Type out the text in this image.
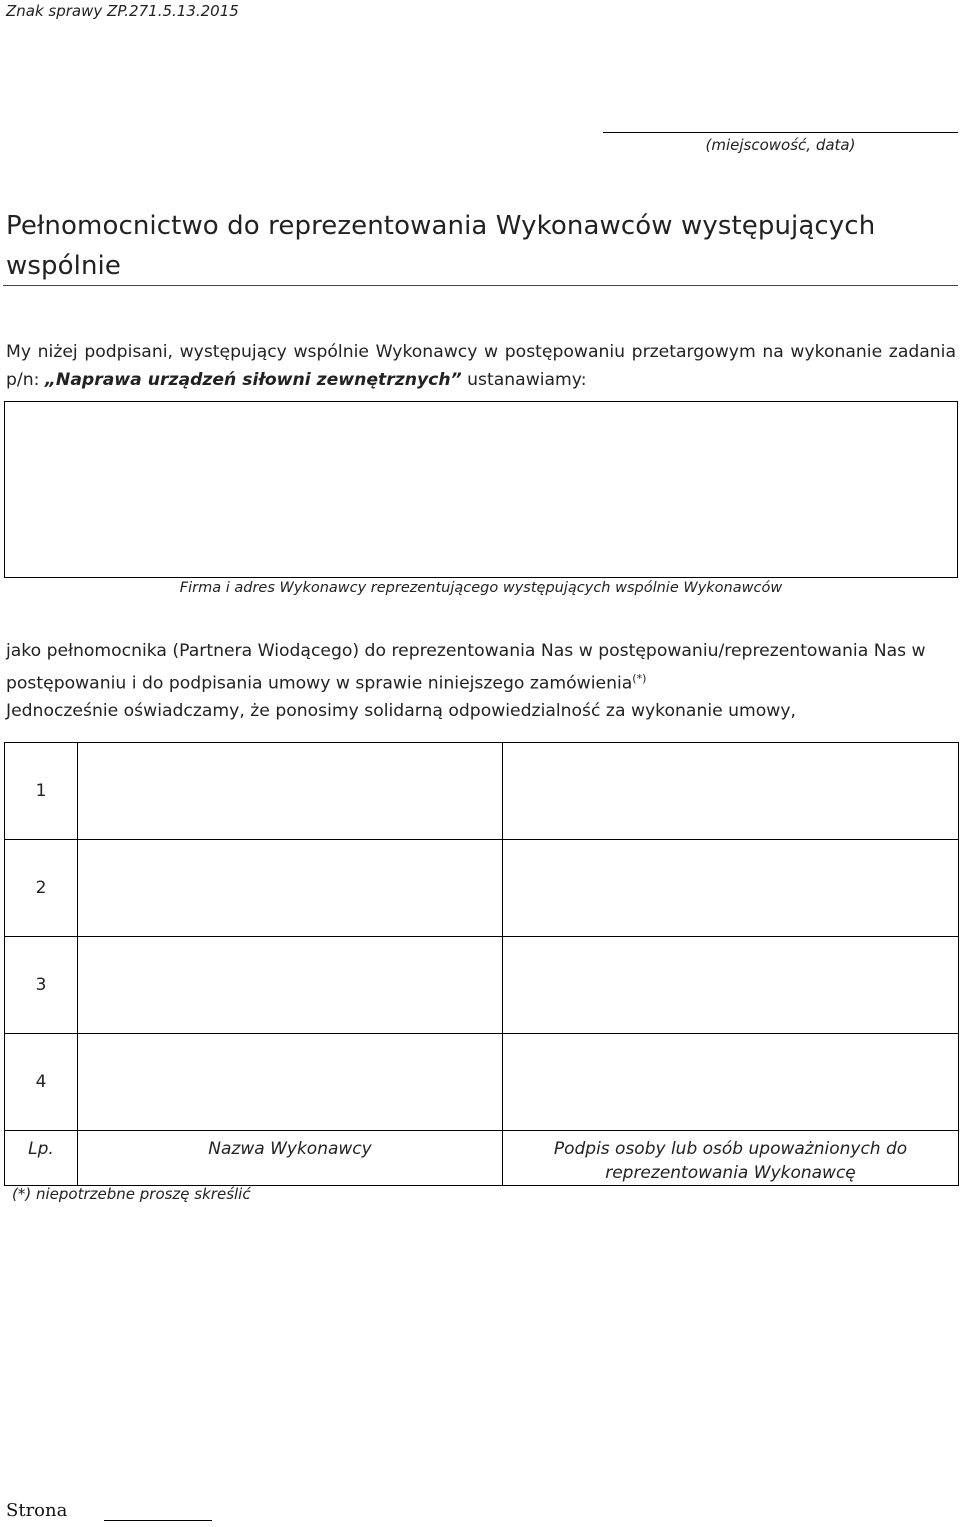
Znak sprawy ZP.271.5.13.2015
(miejscowość, data)
Pełnomocnictwo do reprezentowania Wykonawców występujących wspólnie
My niżej podpisani, występujący wspólnie Wykonawcy w postępowaniu przetargowym na wykonanie zadania p/n: „Naprawa urządzeń siłowni zewnętrznych” ustanawiamy:
Firma i adres Wykonawcy reprezentującego występujących wspólnie Wykonawców
jako pełnomocnika (Partnera Wiodącego) do reprezentowania Nas w postępowaniu/reprezentowania Nas w postępowaniu i do podpisania umowy w sprawie niniejszego zamówienia(*)
Jednocześnie oświadczamy, że ponosimy solidarną odpowiedzialność za wykonanie umowy,
1		
2		
3		
4		
Lp.	Nazwa Wykonawcy	Podpis osoby lub osób upoważnionych do reprezentowania Wykonawcę
(*) niepotrzebne proszę skreślić
Strona
